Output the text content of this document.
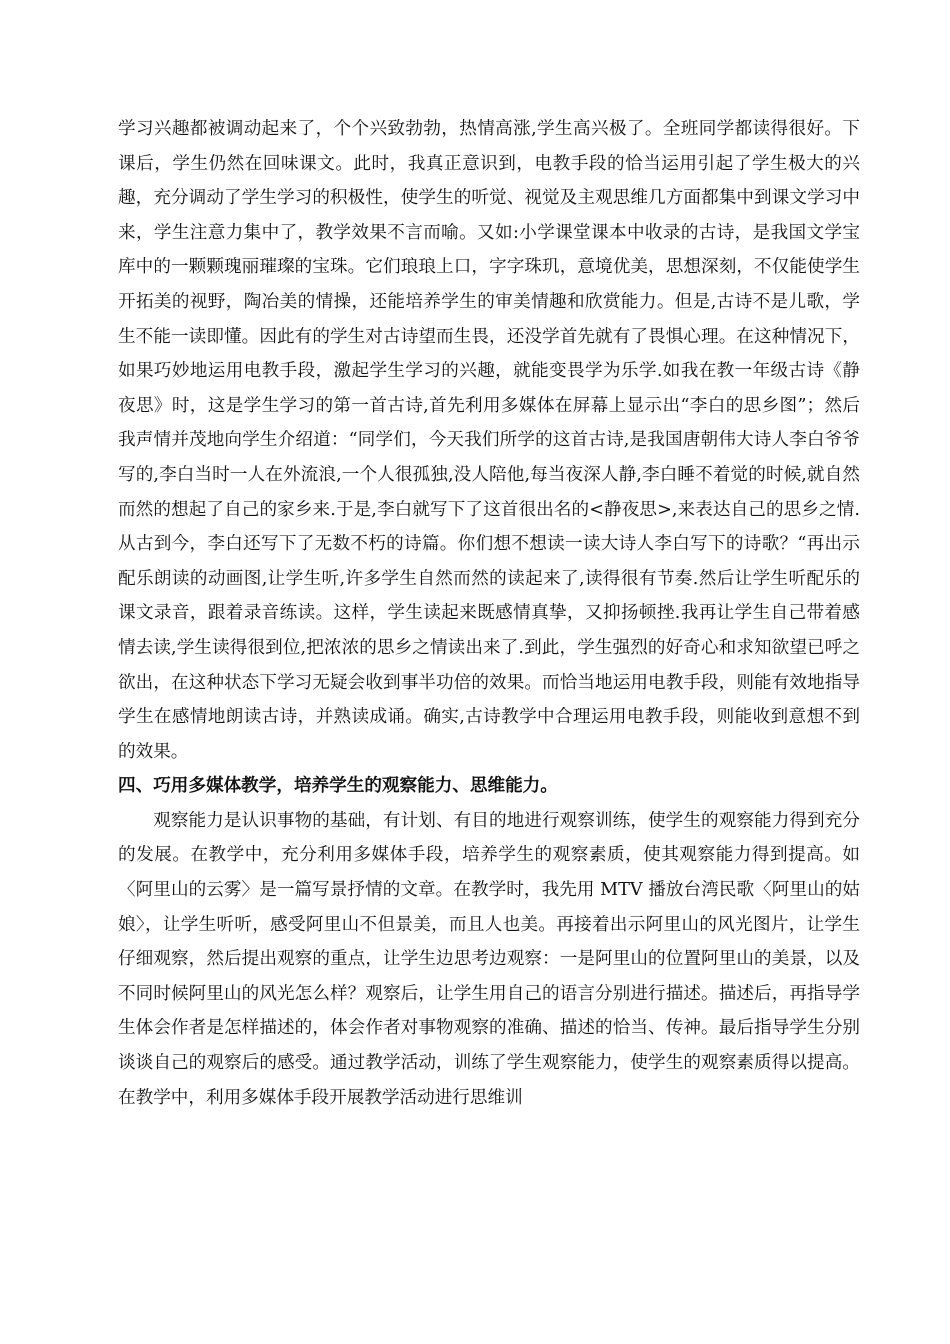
学习兴趣都被调动起来了，个个兴致勃勃，热情高涨,学生高兴极了。全班同学都读得很好。下课后，学生仍然在回味课文。此时，我真正意识到，电教手段的恰当运用引起了学生极大的兴趣，充分调动了学生学习的积极性，使学生的听觉、视觉及主观思维几方面都集中到课文学习中来，学生注意力集中了，教学效果不言而喻。又如:小学课堂课本中收录的古诗，是我国文学宝库中的一颗颗瑰丽璀璨的宝珠。它们琅琅上口，字字珠玑，意境优美，思想深刻，不仅能使学生开拓美的视野，陶冶美的情操，还能培养学生的审美情趣和欣赏能力。但是,古诗不是儿歌，学生不能一读即懂。因此有的学生对古诗望而生畏，还没学首先就有了畏惧心理。在这种情况下，如果巧妙地运用电教手段，激起学生学习的兴趣，就能变畏学为乐学.如我在教一年级古诗《静夜思》时，这是学生学习的第一首古诗,首先利用多媒体在屏幕上显示出“李白的思乡图”；然后我声情并茂地向学生介绍道：“同学们，今天我们所学的这首古诗,是我国唐朝伟大诗人李白爷爷写的,李白当时一人在外流浪,一个人很孤独,没人陪他,每当夜深人静,李白睡不着觉的时候,就自然而然的想起了自己的家乡来.于是,李白就写下了这首很出名的<静夜思>,来表达自己的思乡之情.从古到今，李白还写下了无数不朽的诗篇。你们想不想读一读大诗人李白写下的诗歌？“再出示配乐朗读的动画图,让学生听,许多学生自然而然的读起来了,读得很有节奏.然后让学生听配乐的课文录音，跟着录音练读。这样，学生读起来既感情真挚，又抑扬顿挫.我再让学生自己带着感情去读,学生读得很到位,把浓浓的思乡之情读出来了.到此，学生强烈的好奇心和求知欲望已呼之欲出，在这种状态下学习无疑会收到事半功倍的效果。而恰当地运用电教手段，则能有效地指导学生在感情地朗读古诗，并熟读成诵。确实,古诗教学中合理运用电教手段，则能收到意想不到的效果。

四、巧用多媒体教学，培养学生的观察能力、思维能力。

观察能力是认识事物的基础，有计划、有目的地进行观察训练，使学生的观察能力得到充分的发展。在教学中，充分利用多媒体手段，培养学生的观察素质，使其观察能力得到提高。如〈阿里山的云雾〉是一篇写景抒情的文章。在教学时，我先用 MTV 播放台湾民歌〈阿里山的姑娘〉，让学生听听，感受阿里山不但景美，而且人也美。再接着出示阿里山的风光图片，让学生仔细观察，然后提出观察的重点，让学生边思考边观察：一是阿里山的位置阿里山的美景，以及不同时候阿里山的风光怎么样？观察后，让学生用自己的语言分别进行描述。描述后，再指导学生体会作者是怎样描述的，体会作者对事物观察的准确、描述的恰当、传神。最后指导学生分别谈谈自己的观察后的感受。通过教学活动，训练了学生观察能力，使学生的观察素质得以提高。在教学中，利用多媒体手段开展教学活动进行思维训
